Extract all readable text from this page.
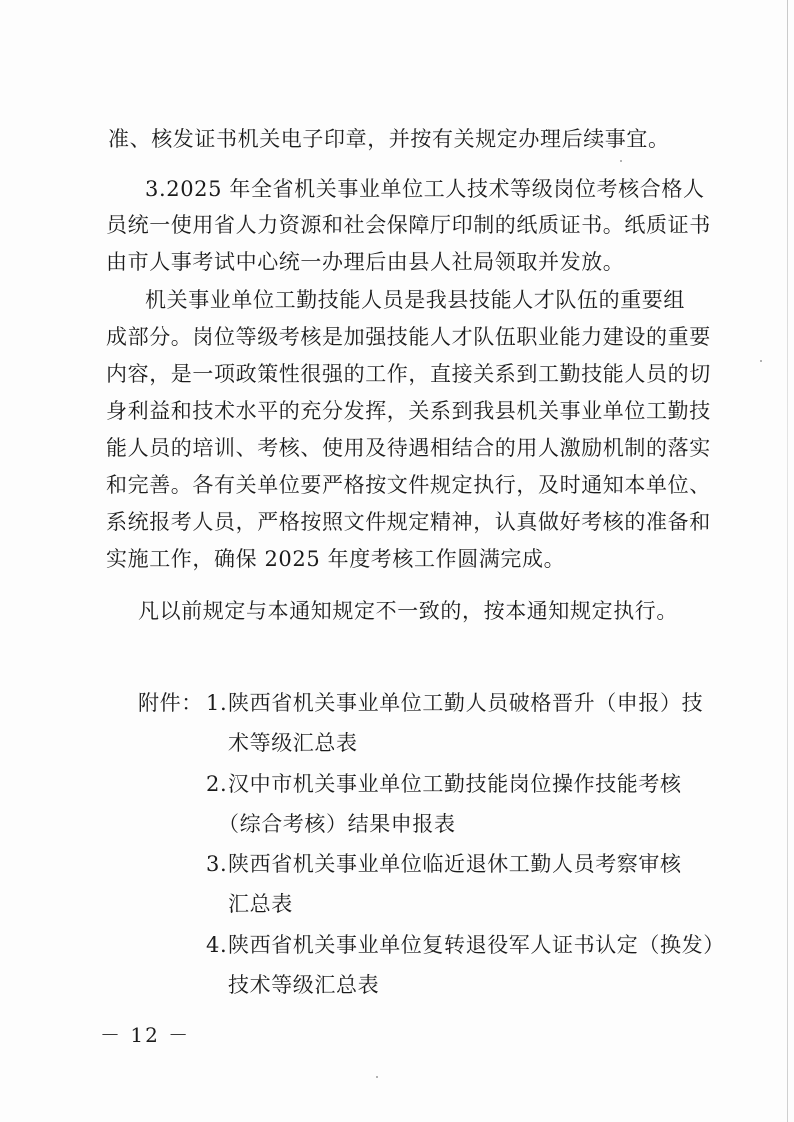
准、核发证书机关电子印章，并按有关规定办理后续事宜。
3.2025 年全省机关事业单位工人技术等级岗位考核合格人
员统一使用省人力资源和社会保障厅印制的纸质证书。纸质证书
由市人事考试中心统一办理后由县人社局领取并发放。
机关事业单位工勤技能人员是我县技能人才队伍的重要组
成部分。岗位等级考核是加强技能人才队伍职业能力建设的重要
内容，是一项政策性很强的工作，直接关系到工勤技能人员的切
身利益和技术水平的充分发挥，关系到我县机关事业单位工勤技
能人员的培训、考核、使用及待遇相结合的用人激励机制的落实
和完善。各有关单位要严格按文件规定执行，及时通知本单位、
系统报考人员，严格按照文件规定精神，认真做好考核的准备和
实施工作，确保 2025 年度考核工作圆满完成。
凡以前规定与本通知规定不一致的，按本通知规定执行。
附件： 1. 陕西省机关事业单位工勤人员破格晋升（申报）技
术等级汇总表
2. 汉中市机关事业单位工勤技能岗位操作技能考核
（综合考核）结果申报表
3. 陕西省机关事业单位临近退休工勤人员考察审核
汇总表
4. 陕西省机关事业单位复转退役军人证书认定（换发）
技术等级汇总表
－ 12 －
